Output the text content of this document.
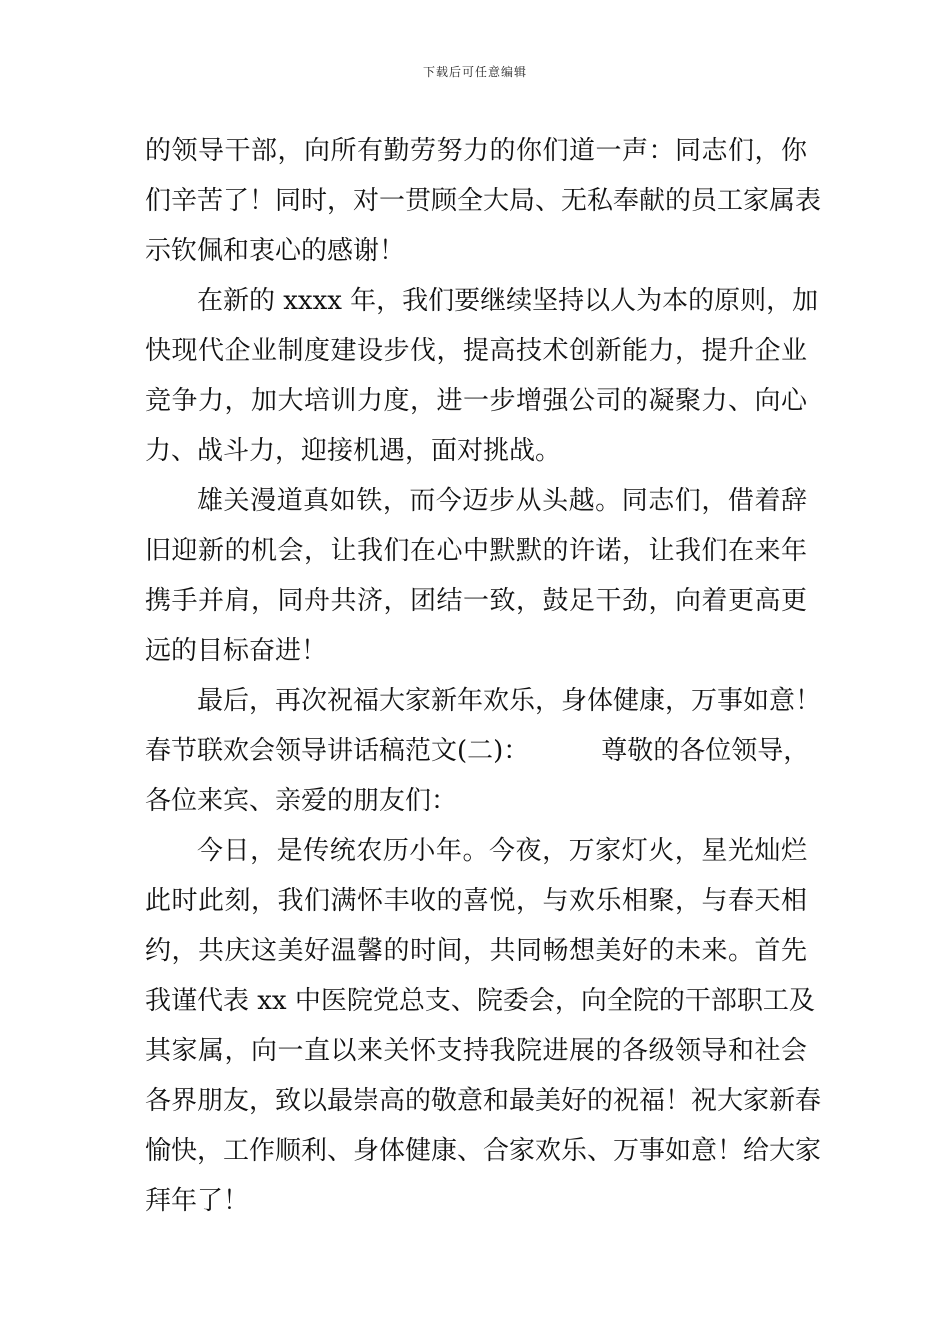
下载后可任意编辑
的领导干部，向所有勤劳努力的你们道一声：同志们，你
们辛苦了！同时，对一贯顾全大局、无私奉献的员工家属表
示钦佩和衷心的感谢！
在新的 xxxx 年，我们要继续坚持以人为本的原则，加
快现代企业制度建设步伐，提高技术创新能力，提升企业
竞争力，加大培训力度，进一步增强公司的凝聚力、向心
力、战斗力，迎接机遇，面对挑战。
雄关漫道真如铁，而今迈步从头越。同志们，借着辞
旧迎新的机会，让我们在心中默默的许诺，让我们在来年
携手并肩，同舟共济，团结一致，鼓足干劲，向着更高更
远的目标奋进！
最后，再次祝福大家新年欢乐，身体健康，万事如意！
春节联欢会领导讲话稿范文(二)：	尊敬的各位领导，
各位来宾、亲爱的朋友们：
今日，是传统农历小年。今夜，万家灯火，星光灿烂
此时此刻，我们满怀丰收的喜悦，与欢乐相聚，与春天相
约，共庆这美好温馨的时间，共同畅想美好的未来。首先
我谨代表 xx 中医院党总支、院委会，向全院的干部职工及
其家属，向一直以来关怀支持我院进展的各级领导和社会
各界朋友，致以最崇高的敬意和最美好的祝福！祝大家新春
愉快，工作顺利、身体健康、合家欢乐、万事如意！给大家
拜年了！
